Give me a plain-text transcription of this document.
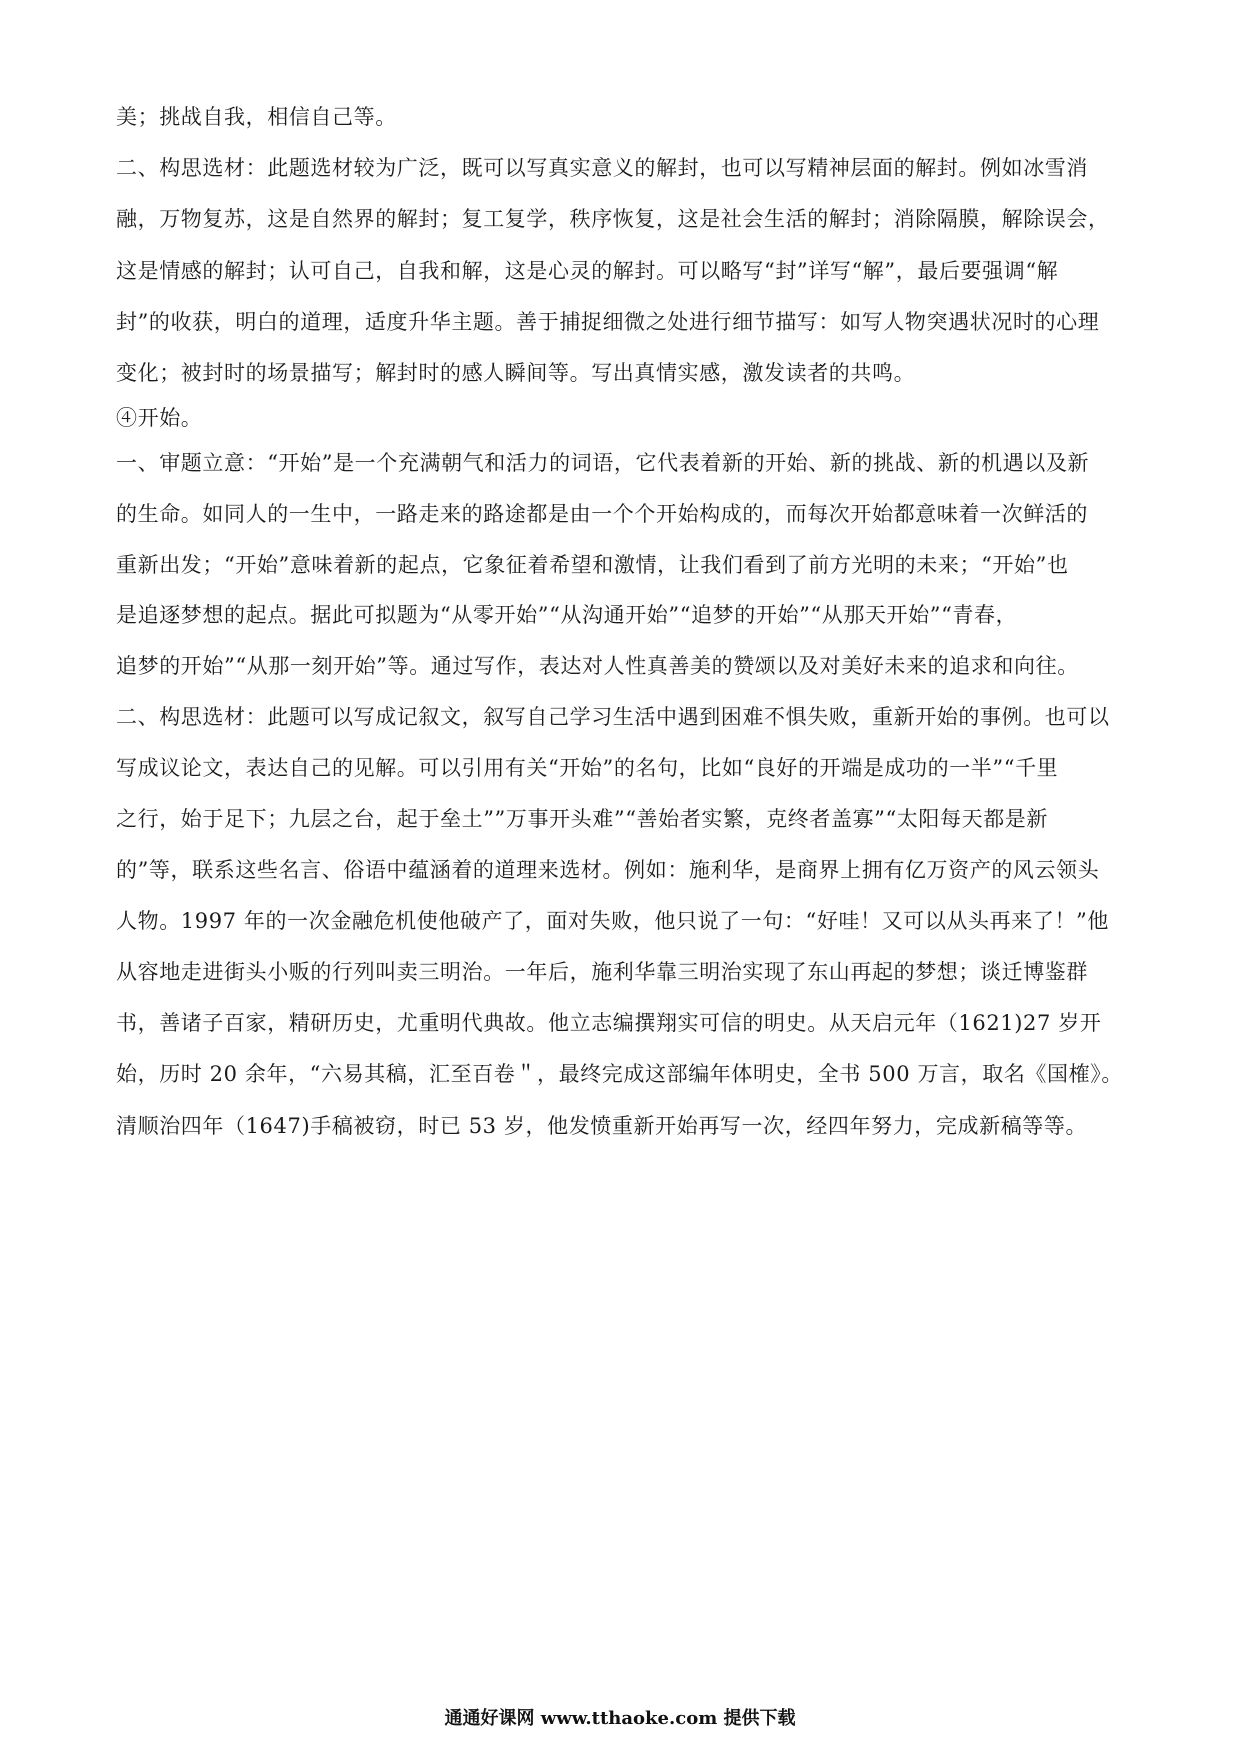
美；挑战自我，相信自己等。
二、构思选材：此题选材较为广泛，既可以写真实意义的解封，也可以写精神层面的解封。例如冰雪消
融，万物复苏，这是自然界的解封；复工复学，秩序恢复，这是社会生活的解封；消除隔膜，解除误会，
这是情感的解封；认可自己，自我和解，这是心灵的解封。可以略写“封”详写“解”，最后要强调“解
封”的收获，明白的道理，适度升华主题。善于捕捉细微之处进行细节描写：如写人物突遇状况时的心理
变化；被封时的场景描写；解封时的感人瞬间等。写出真情实感，激发读者的共鸣。
④开始。
一、审题立意：“开始”是一个充满朝气和活力的词语，它代表着新的开始、新的挑战、新的机遇以及新
的生命。如同人的一生中，一路走来的路途都是由一个个开始构成的，而每次开始都意味着一次鲜活的
重新出发；“开始”意味着新的起点，它象征着希望和激情，让我们看到了前方光明的未来；“开始”也
是追逐梦想的起点。据此可拟题为“从零开始”“从沟通开始”“追梦的开始”“从那天开始”“青春，
追梦的开始”“从那一刻开始”等。通过写作，表达对人性真善美的赞颂以及对美好未来的追求和向往。
二、构思选材：此题可以写成记叙文，叙写自己学习生活中遇到困难不惧失败，重新开始的事例。也可以
写成议论文，表达自己的见解。可以引用有关“开始”的名句，比如“良好的开端是成功的一半”“千里
之行，始于足下；九层之台，起于垒土””万事开头难”“善始者实繁，克终者盖寡”“太阳每天都是新
的”等，联系这些名言、俗语中蕴涵着的道理来选材。例如：施利华，是商界上拥有亿万资产的风云领头
人物。1997 年的一次金融危机使他破产了，面对失败，他只说了一句：“好哇！又可以从头再来了！”他
从容地走进街头小贩的行列叫卖三明治。一年后，施利华靠三明治实现了东山再起的梦想；谈迁博鉴群
书，善诸子百家，精研历史，尤重明代典故。他立志编撰翔实可信的明史。从天启元年（1621)27 岁开
始，历时 20 余年，“六易其稿，汇至百卷＂，最终完成这部编年体明史，全书 500 万言，取名《国榷》。
清顺治四年（1647)手稿被窃，时已 53 岁，他发愤重新开始再写一次，经四年努力，完成新稿等等。
通通好课网 www.tthaoke.com 提供下载
